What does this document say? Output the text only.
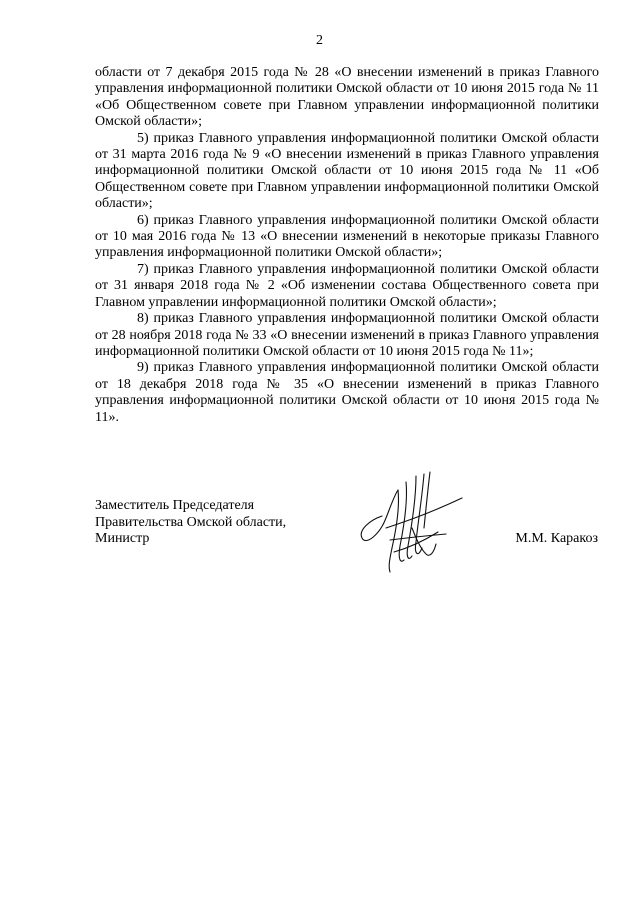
2

области от 7 декабря 2015 года № 28 «О внесении изменений в приказ Главного управления информационной политики Омской области от 10 июня 2015 года № 11 «Об Общественном совете при Главном управлении информационной политики Омской области»;

5) приказ Главного управления информационной политики Омской области от 31 марта 2016 года № 9 «О внесении изменений в приказ Главного управления информационной политики Омской области от 10 июня 2015 года № 11 «Об Общественном совете при Главном управлении информационной политики Омской области»;

6) приказ Главного управления информационной политики Омской области от 10 мая 2016 года № 13 «О внесении изменений в некоторые приказы Главного управления информационной политики Омской области»;

7) приказ Главного управления информационной политики Омской области от 31 января 2018 года № 2 «Об изменении состава Общественного совета при Главном управлении информационной политики Омской области»;

8) приказ Главного управления информационной политики Омской области от 28 ноября 2018 года № 33 «О внесении изменений в приказ Главного управления информационной политики Омской области от 10 июня 2015 года № 11»;

9) приказ Главного управления информационной политики Омской области от 18 декабря 2018 года № 35 «О внесении изменений в приказ Главного управления информационной политики Омской области от 10 июня 2015 года № 11».

Заместитель Председателя
Правительства Омской области,
Министр	М.М. Каракоз
